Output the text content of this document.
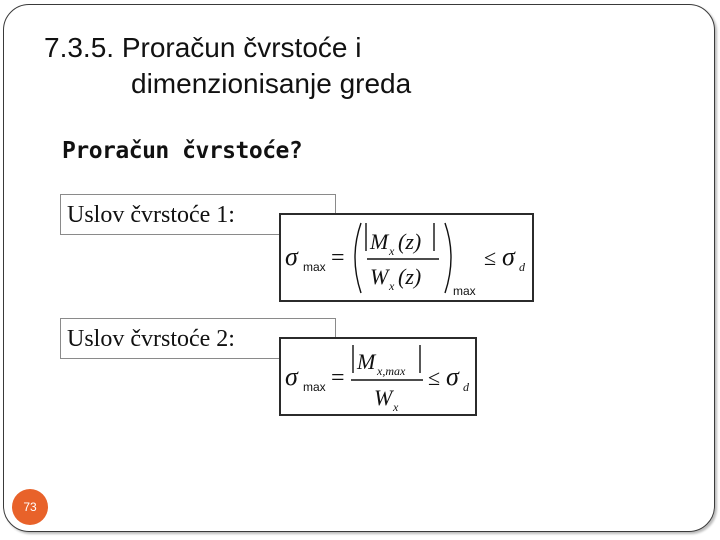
7.3.5. Proračun čvrstoće i
dimenzionisanje greda
Proračun čvrstoće?
Uslov čvrstoće 1:
σ max =
M x (z)
W x (z)
max
≤ σ d
Uslov čvrstoće 2:
σ max =
M x,max
W x
≤ σ d
73
